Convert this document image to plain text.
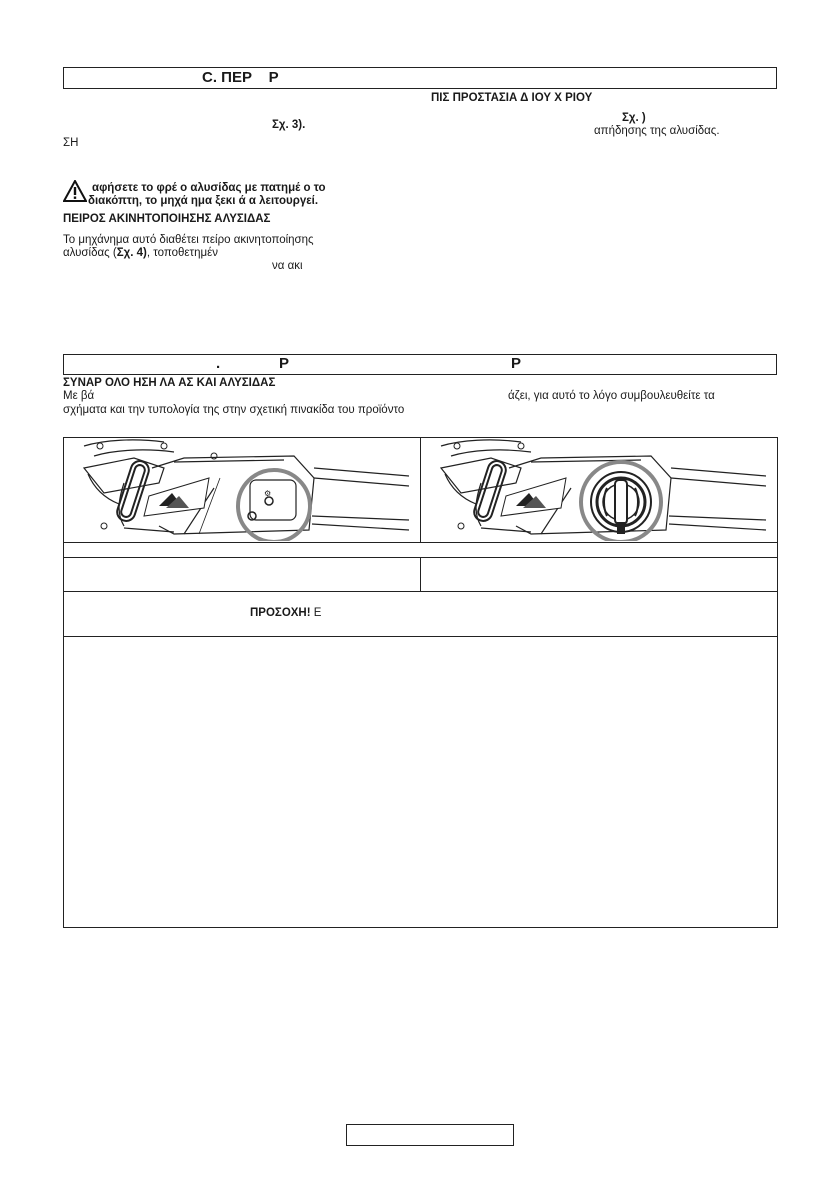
C. ΠΕΡ    Ρ
ΠΙΣ ΠΡΟΣΤΑΣΙΑ Δ ΙΟΥ Χ ΡΙΟΥ
Σχ. 3).
Σχ. )
απήδησης της αλυσίδας.
ΣΗ
αφήσετε το φρέ ο αλυσίδας με πατημέ ο το
διακόπτη, το μηχά ημα ξεκι ά α λειτουργεί.
ΠΕΙΡΟΣ ΑΚΙΝΗΤΟΠΟΙΗΣΗΣ ΑΛΥΣΙΔΑΣ
Το μηχάνημα αυτό διαθέτει πείρο ακινητοποίησης
αλυσίδας (Σχ. 4), τοποθετημέν
να ακι
.	Ρ	Ρ
ΣΥΝΑΡ ΟΛΟ ΗΣΗ ΛΑ ΑΣ ΚΑΙ ΑΛΥΣΙΔΑΣ
Με βά	άζει, για αυτό το λόγο συμβουλευθείτε τα
σχήματα και την τυπολογία της στην σχετική πινακίδα του προϊόντο
⚙
ΠΡΟΣΟΧΗ! Ε
